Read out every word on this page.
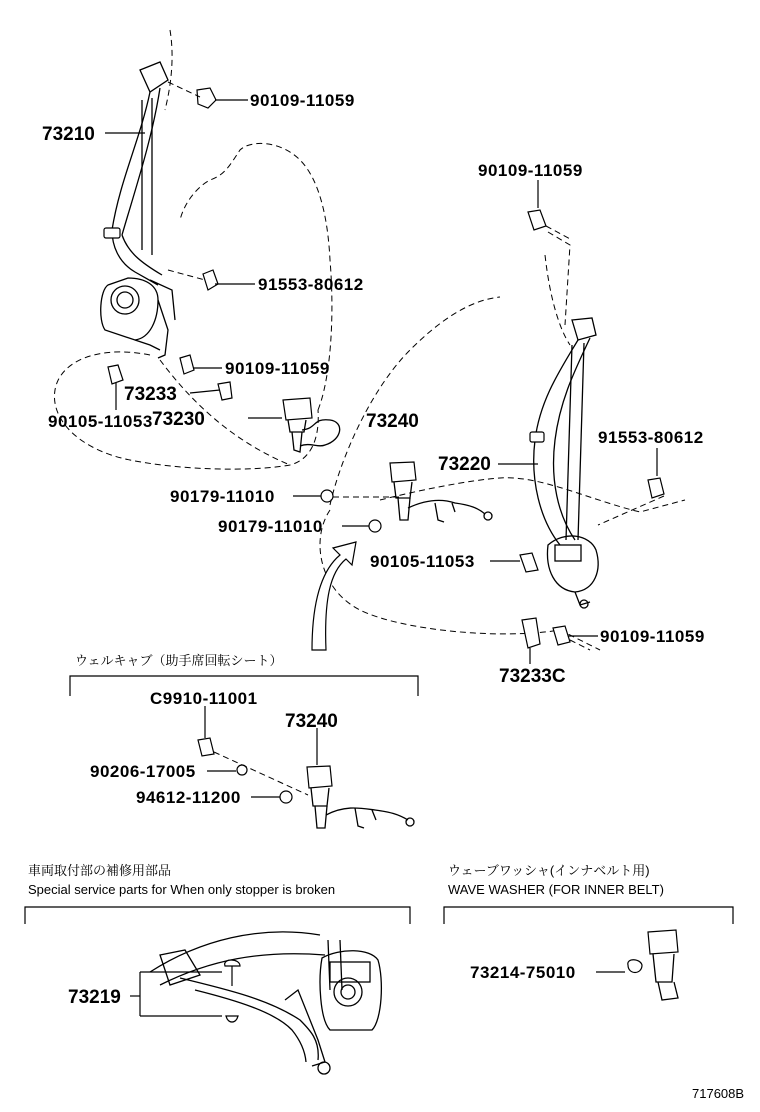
73210
90109-11059
91553-80612
90109-11059
73233
90105-11053 73230
90179-11010
90179-11010
90109-11059
73240
73220
91553-80612
90105-11053
90109-11059
73233C
ウェルキャブ（助手席回転シート）
C9910-11001
73240
90206-17005
94612-11200
車両取付部の補修用部品
Special service parts for When only stopper is broken
73219
ウェーブワッシャ(インナベルト用)
WAVE WASHER (FOR INNER BELT)
73214-75010
717608B
